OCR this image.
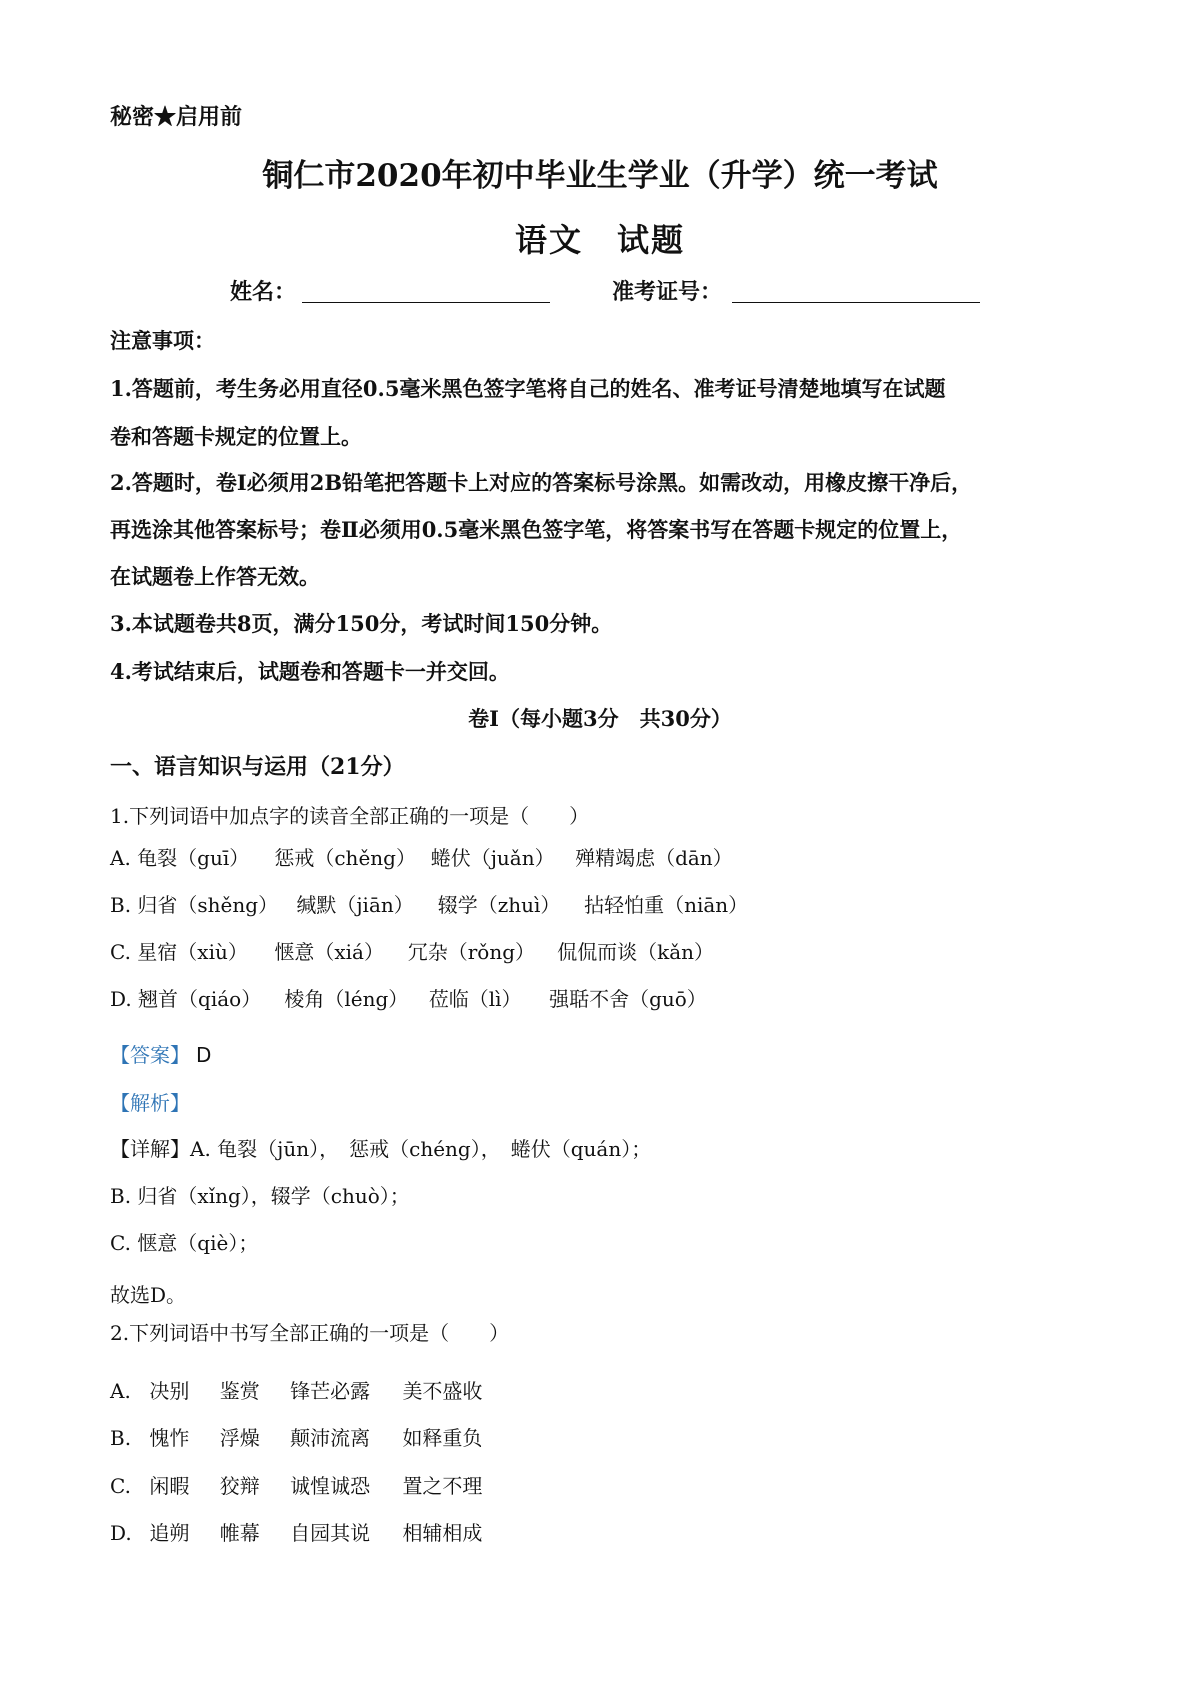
秘密★启用前
铜仁市2020年初中毕业生学业（升学）统一考试
语文　试题
姓名：	准考证号：
注意事项：
1.答题前，考生务必用直径0.5毫米黑色签字笔将自己的姓名、准考证号清楚地填写在试题
卷和答题卡规定的位置上。
2.答题时，卷Ⅰ必须用2B铅笔把答题卡上对应的答案标号涂黑。如需改动，用橡皮擦干净后，
再选涂其他答案标号；卷Ⅱ必须用0.5毫米黑色签字笔，将答案书写在答题卡规定的位置上，
在试题卷上作答无效。
3.本试题卷共8页，满分150分，考试时间150分钟。
4.考试结束后，试题卷和答题卡一并交回。
卷Ⅰ（每小题3分　共30分）
一、语言知识与运用（21分）
1.下列词语中加点字的读音全部正确的一项是（　　）
A. 龟裂（guī） 惩戒（chěng） 蜷伏（juǎn） 殚精竭虑（dān）
B. 归省（shěng） 缄默（jiān） 辍学（zhuì） 拈轻怕重（niān）
C. 星宿（xiù） 惬意（xiá） 冗杂（rǒng） 侃侃而谈（kǎn）
D. 翘首（qiáo） 棱角（léng） 莅临（lì） 强聒不舍（guō）
【答案】 D
【解析】
【详解】A. 龟裂（jūn），　惩戒（chéng），　蜷伏（quán）；
B. 归省（xǐng），辍学（chuò）；
C. 惬意（qiè）；
故选D。
2.下列词语中书写全部正确的一项是（　　）
A. 决别 鉴赏 锋芒必露 美不盛收
B. 愧怍 浮燥 颠沛流离 如释重负
C. 闲暇 狡辩 诚惶诚恐 置之不理
D. 追朔 帷幕 自园其说 相辅相成
